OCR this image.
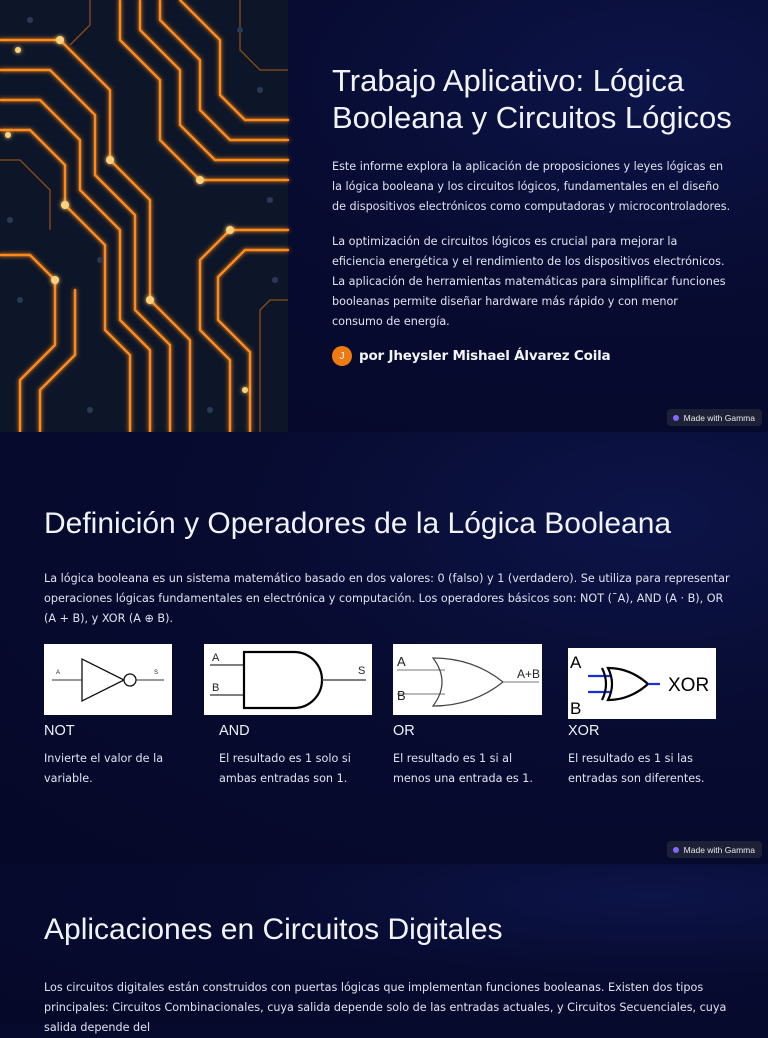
Trabajo Aplicativo: Lógica Booleana y Circuitos Lógicos

Este informe explora la aplicación de proposiciones y leyes lógicas en la lógica booleana y los circuitos lógicos, fundamentales en el diseño de dispositivos electrónicos como computadoras y microcontroladores.

La optimización de circuitos lógicos es crucial para mejorar la eficiencia energética y el rendimiento de los dispositivos electrónicos. La aplicación de herramientas matemáticas para simplificar funciones booleanas permite diseñar hardware más rápido y con menor consumo de energía.

J	por Jheysler Mishael Álvarez Coila
Made with Gamma
Definición y Operadores de la Lógica Booleana

La lógica booleana es un sistema matemático basado en dos valores: 0 (falso) y 1 (verdadero). Se utiliza para representar operaciones lógicas fundamentales en electrónica y computación. Los operadores básicos son: NOT (¯A), AND (A · B), OR (A + B), y XOR (A ⊕ B).

A	S
NOT
Invierte el valor de la variable.
A
B
S
AND
El resultado es 1 solo si ambas entradas son 1.
A
B
A+B
OR
El resultado es 1 si al menos una entrada es 1.
A
B
XOR
XOR
El resultado es 1 si las entradas son diferentes.
Made with Gamma
Aplicaciones en Circuitos Digitales

Los circuitos digitales están construidos con puertas lógicas que implementan funciones booleanas. Existen dos tipos principales: Circuitos Combinacionales, cuya salida depende solo de las entradas actuales, y Circuitos Secuenciales, cuya salida depende del
